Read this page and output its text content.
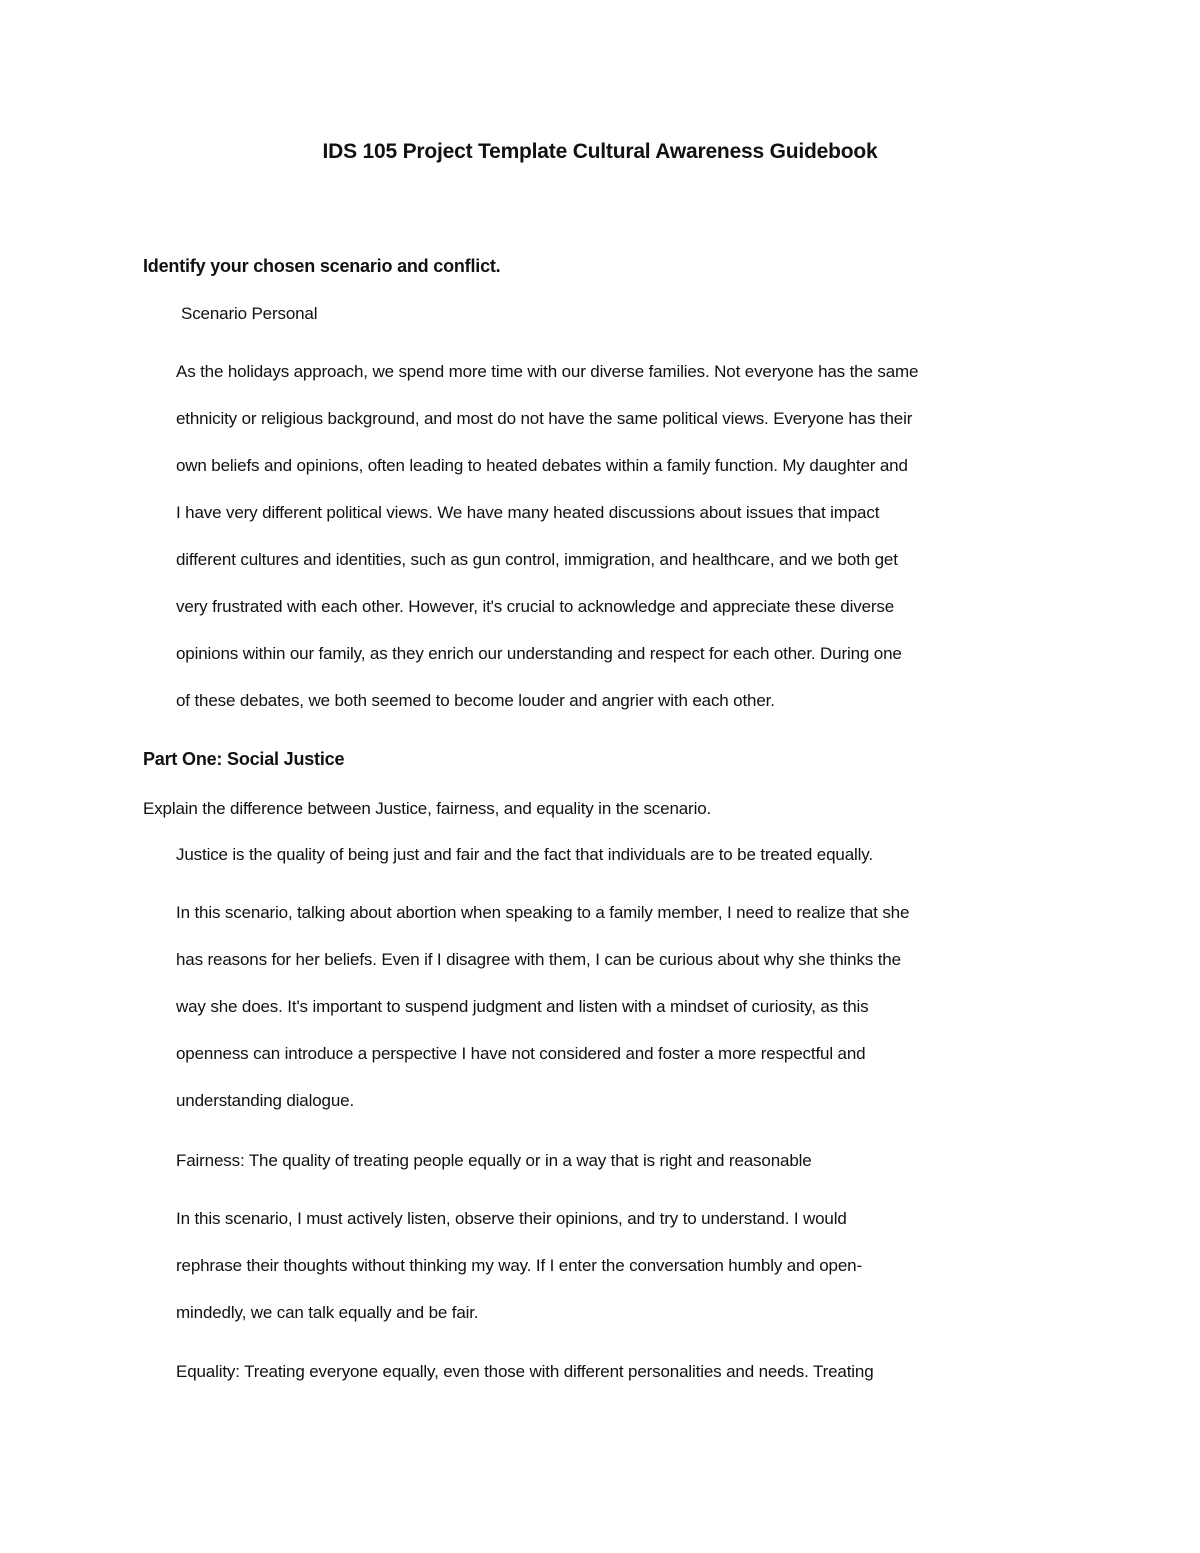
IDS 105 Project Template Cultural Awareness Guidebook
Identify your chosen scenario and conflict.
Scenario Personal
As the holidays approach, we spend more time with our diverse families. Not everyone has the same
ethnicity or religious background, and most do not have the same political views. Everyone has their
own beliefs and opinions, often leading to heated debates within a family function. My daughter and
I have very different political views. We have many heated discussions about issues that impact
different cultures and identities, such as gun control, immigration, and healthcare, and we both get
very frustrated with each other. However, it's crucial to acknowledge and appreciate these diverse
opinions within our family, as they enrich our understanding and respect for each other. During one
of these debates, we both seemed to become louder and angrier with each other.
Part One: Social Justice
Explain the difference between Justice, fairness, and equality in the scenario.
Justice is the quality of being just and fair and the fact that individuals are to be treated equally.
In this scenario, talking about abortion when speaking to a family member, I need to realize that she
has reasons for her beliefs. Even if I disagree with them, I can be curious about why she thinks the
way she does. It's important to suspend judgment and listen with a mindset of curiosity, as this
openness can introduce a perspective I have not considered and foster a more respectful and
understanding dialogue.
Fairness: The quality of treating people equally or in a way that is right and reasonable
In this scenario, I must actively listen, observe their opinions, and try to understand. I would
rephrase their thoughts without thinking my way. If I enter the conversation humbly and open-
mindedly, we can talk equally and be fair.
Equality: Treating everyone equally, even those with different personalities and needs. Treating
